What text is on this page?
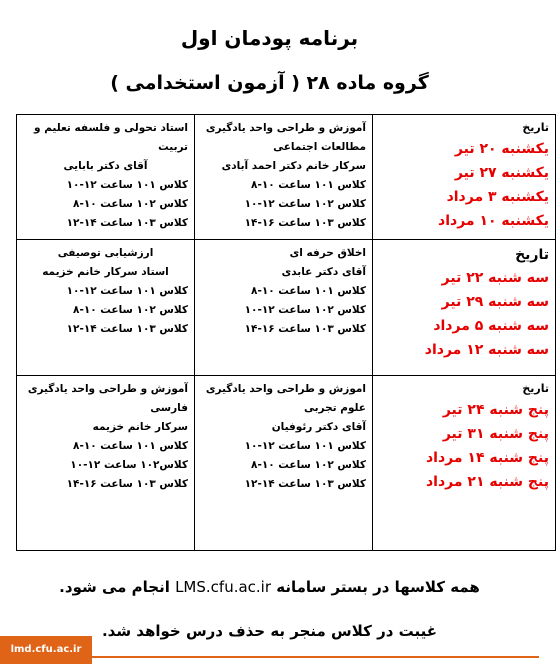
برنامه پودمان اول
گروه ماده ۲۸ ( آزمون استخدامی )
تاریخ
یکشنبه ۲۰ تیر
یکشنبه ۲۷ تیر
یکشنبه ۳ مرداد
یکشنبه ۱۰ مرداد	آموزش و طراحی واحد یادگیری مطالعات اجتماعی
سرکار خانم دکتر احمد آبادی
کلاس ۱۰۱ ساعت ۱۰-۸
کلاس ۱۰۲ ساعت ۱۲-۱۰
کلاس ۱۰۳ ساعت ۱۶-۱۴	استاد تحولی و فلسفه تعلیم و تربیت
آقای دکتر بابایی
کلاس ۱۰۱ ساعت ۱۲-۱۰
کلاس ۱۰۲ ساعت ۱۰-۸
کلاس ۱۰۳ ساعت ۱۴-۱۲

تاریخ
سه شنبه ۲۲ تیر
سه شنبه ۲۹ تیر
سه شنبه ۵ مرداد
سه شنبه ۱۲ مرداد	اخلاق حرفه ای
آقای دکتر عابدی
کلاس ۱۰۱ ساعت ۱۰-۸
کلاس ۱۰۲ ساعت ۱۲-۱۰
کلاس ۱۰۳ ساعت ۱۶-۱۴	ارزشیابی توصیفی
استاد سرکار خانم خزیمه
کلاس ۱۰۱ ساعت ۱۲-۱۰
کلاس ۱۰۲ ساعت ۱۰-۸
کلاس ۱۰۳ ساعت ۱۴-۱۲

تاریخ
پنج شنبه ۲۴ تیر
پنج شنبه ۳۱ تیر
پنج شنبه ۱۴ مرداد
پنج شنبه ۲۱ مرداد	اموزش و طراحی واحد یادگیری علوم تجربی
آقای دکتر رئوفیان
کلاس ۱۰۱ ساعت ۱۲-۱۰
کلاس ۱۰۲ ساعت ۱۰-۸
کلاس ۱۰۳ ساعت ۱۴-۱۲	آموزش و طراحی واحد یادگیری فارسی
سرکار خانم خزیمه
کلاس ۱۰۱ ساعت ۱۰-۸
کلاس۱۰۲ ساعت ۱۲-۱۰
کلاس ۱۰۳ ساعت ۱۶-۱۴
همه کلاسها در بستر سامانه LMS.cfu.ac.ir انجام می شود.
غیبت در کلاس منجر به حذف درس خواهد شد.
lmd.cfu.ac.ir
